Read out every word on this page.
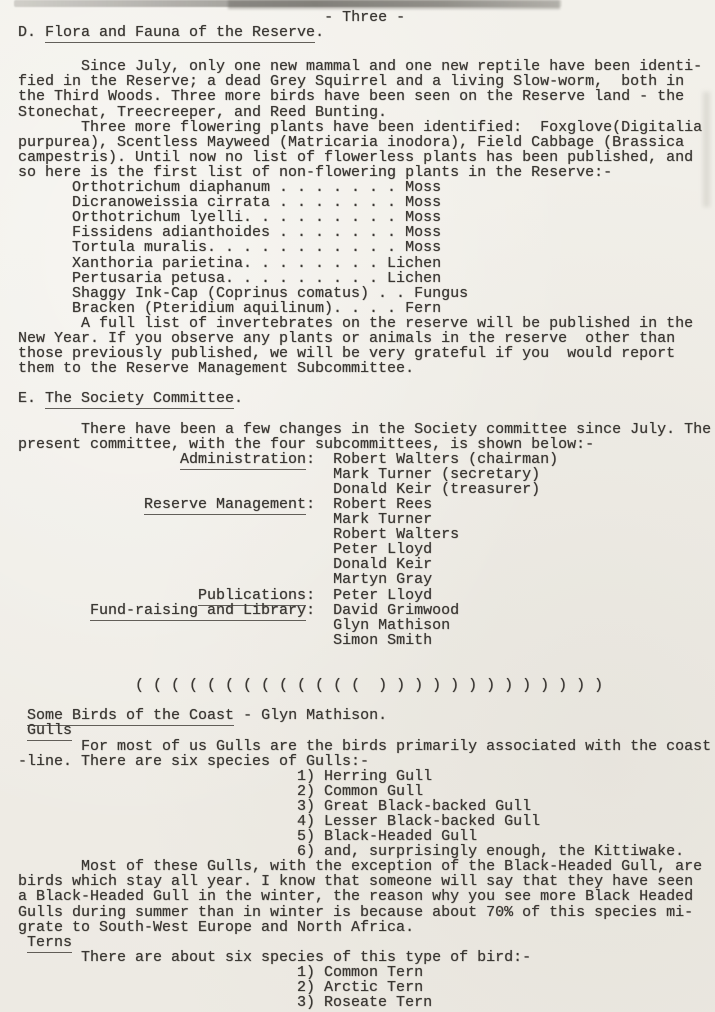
- Three -
D. Flora and Fauna of the Reserve.
Since July, only one new mammal and one new reptile have been identi-
fied in the Reserve; a dead Grey Squirrel and a living Slow-worm,  both in
the Third Woods. Three more birds have been seen on the Reserve land - the
Stonechat, Treecreeper, and Reed Bunting.
Three more flowering plants have been identified:  Foxglove(Digitalia
purpurea), Scentless Mayweed (Matricaria inodora), Field Cabbage (Brassica
campestris). Until now no list of flowerless plants has been published, and
so here is the first list of non-flowering plants in the Reserve:-
Orthotrichum diaphanum . . . . . . . Moss
Dicranoweissia cirrata . . . . . . . Moss
Orthotrichum lyelli. . . . . . . . . Moss
Fissidens adianthoides . . . . . . . Moss
Tortula muralis. . . . . . . . . . . Moss
Xanthoria parietina. . . . . . . . Lichen
Pertusaria petusa. . . . . . . . . Lichen
Shaggy Ink-Cap (Coprinus comatus) . . Fungus
Bracken (Pteridium aquilinum). . . . Fern
A full list of invertebrates on the reserve will be published in the
New Year. If you observe any plants or animals in the reserve  other than
those previously published, we will be very grateful if you  would report
them to the Reserve Management Subcommittee.
E. The Society Committee.
There have been a few changes in the Society committee since July. The
present committee, with the four subcommittees, is shown below:-
Administration:  Robert Walters (chairman)
Mark Turner (secretary)
Donald Keir (treasurer)
Reserve Management:  Robert Rees
Mark Turner
Robert Walters
Peter Lloyd
Donald Keir
Martyn Gray
Publications:  Peter Lloyd
Fund-raising and Library:  David Grimwood
Glyn Mathison
Simon Smith
( ( ( ( ( ( ( ( ( ( ( ( (  ) ) ) ) ) ) ) ) ) ) ) ) )
Some Birds of the Coast - Glyn Mathison.
Gulls
For most of us Gulls are the birds primarily associated with the coast
-line. There are six species of Gulls:-
1) Herring Gull
2) Common Gull
3) Great Black-backed Gull
4) Lesser Black-backed Gull
5) Black-Headed Gull
6) and, surprisingly enough, the Kittiwake.
Most of these Gulls, with the exception of the Black-Headed Gull, are
birds which stay all year. I know that someone will say that they have seen
a Black-Headed Gull in the winter, the reason why you see more Black Headed
Gulls during summer than in winter is because about 70% of this species mi-
grate to South-West Europe and North Africa.
Terns
There are about six species of this type of bird:-
1) Common Tern
2) Arctic Tern
3) Roseate Tern
